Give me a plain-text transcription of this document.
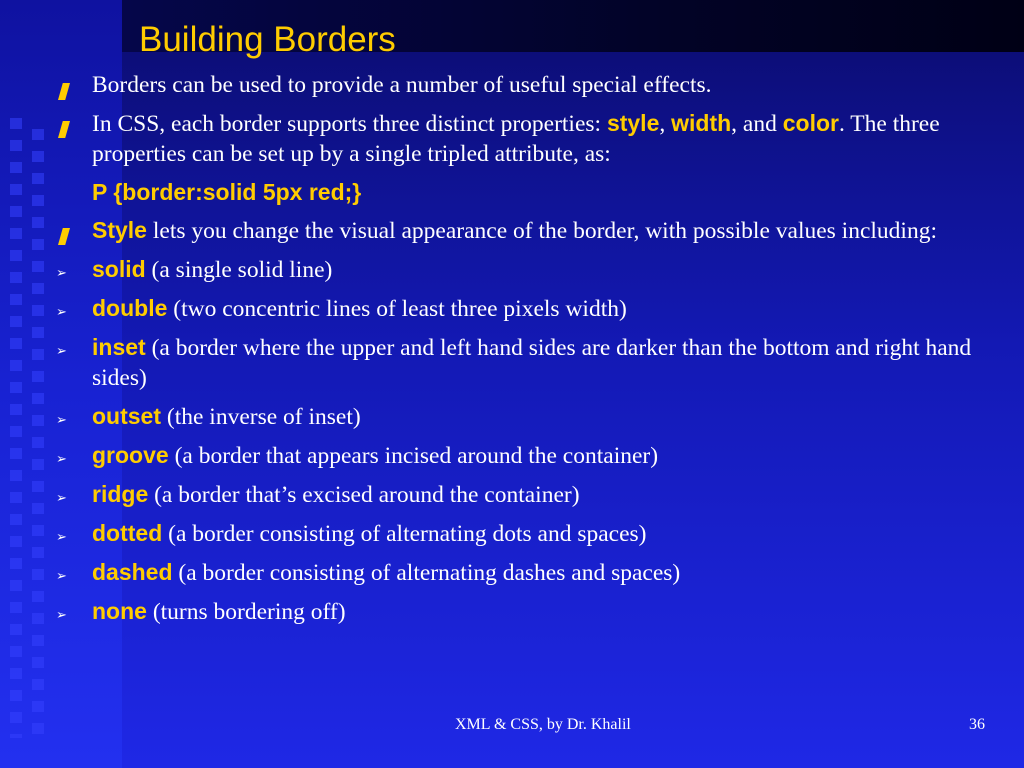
Building Borders
Borders can be used to provide a number of useful special effects.
In CSS, each border supports three distinct properties: style, width, and color. The three properties can be set up by a single tripled attribute, as:
P {border:solid 5px red;}
Style lets you change the visual appearance of the border, with possible values including:
➢ solid (a single solid line)
➢ double (two concentric lines of least three pixels width)
➢ inset (a border where the upper and left hand sides are darker than the bottom and right hand sides)
➢ outset (the inverse of inset)
➢ groove (a border that appears incised around the container)
➢ ridge (a border that’s excised around the container)
➢ dotted (a border consisting of alternating dots and spaces)
➢ dashed (a border consisting of alternating dashes and spaces)
➢ none (turns bordering off)
XML & CSS, by Dr. Khalil	36
